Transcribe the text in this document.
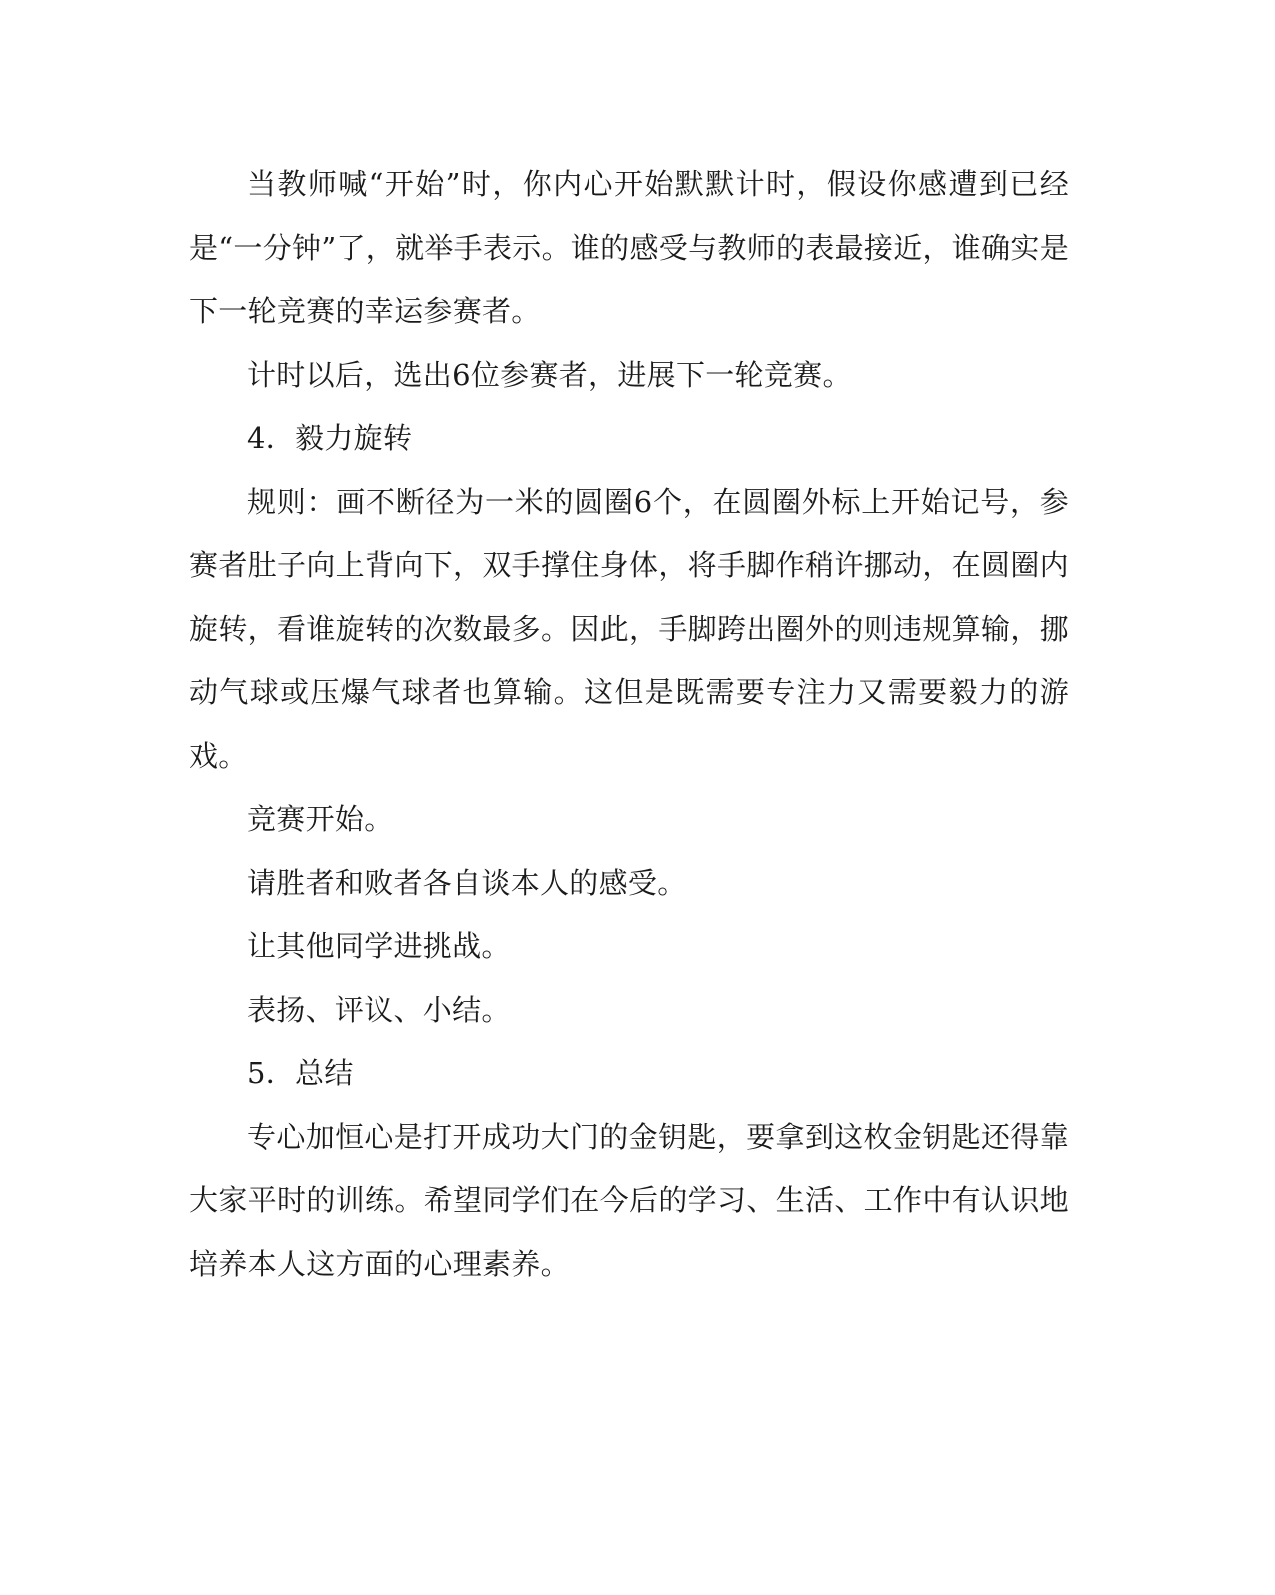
当教师喊“开始”时，你内心开始默默计时，假设你感遭到已经是“一分钟”了，就举手表示。谁的感受与教师的表最接近，谁确实是下一轮竞赛的幸运参赛者。

计时以后，选出6位参赛者，进展下一轮竞赛。

4．毅力旋转

规则：画不断径为一米的圆圈6个，在圆圈外标上开始记号，参赛者肚子向上背向下，双手撑住身体，将手脚作稍许挪动，在圆圈内旋转，看谁旋转的次数最多。因此，手脚跨出圈外的则违规算输，挪动气球或压爆气球者也算输。这但是既需要专注力又需要毅力的游戏。

竞赛开始。

请胜者和败者各自谈本人的感受。

让其他同学进挑战。

表扬、评议、小结。

5．总结

专心加恒心是打开成功大门的金钥匙，要拿到这枚金钥匙还得靠大家平时的训练。希望同学们在今后的学习、生活、工作中有认识地培养本人这方面的心理素养。
